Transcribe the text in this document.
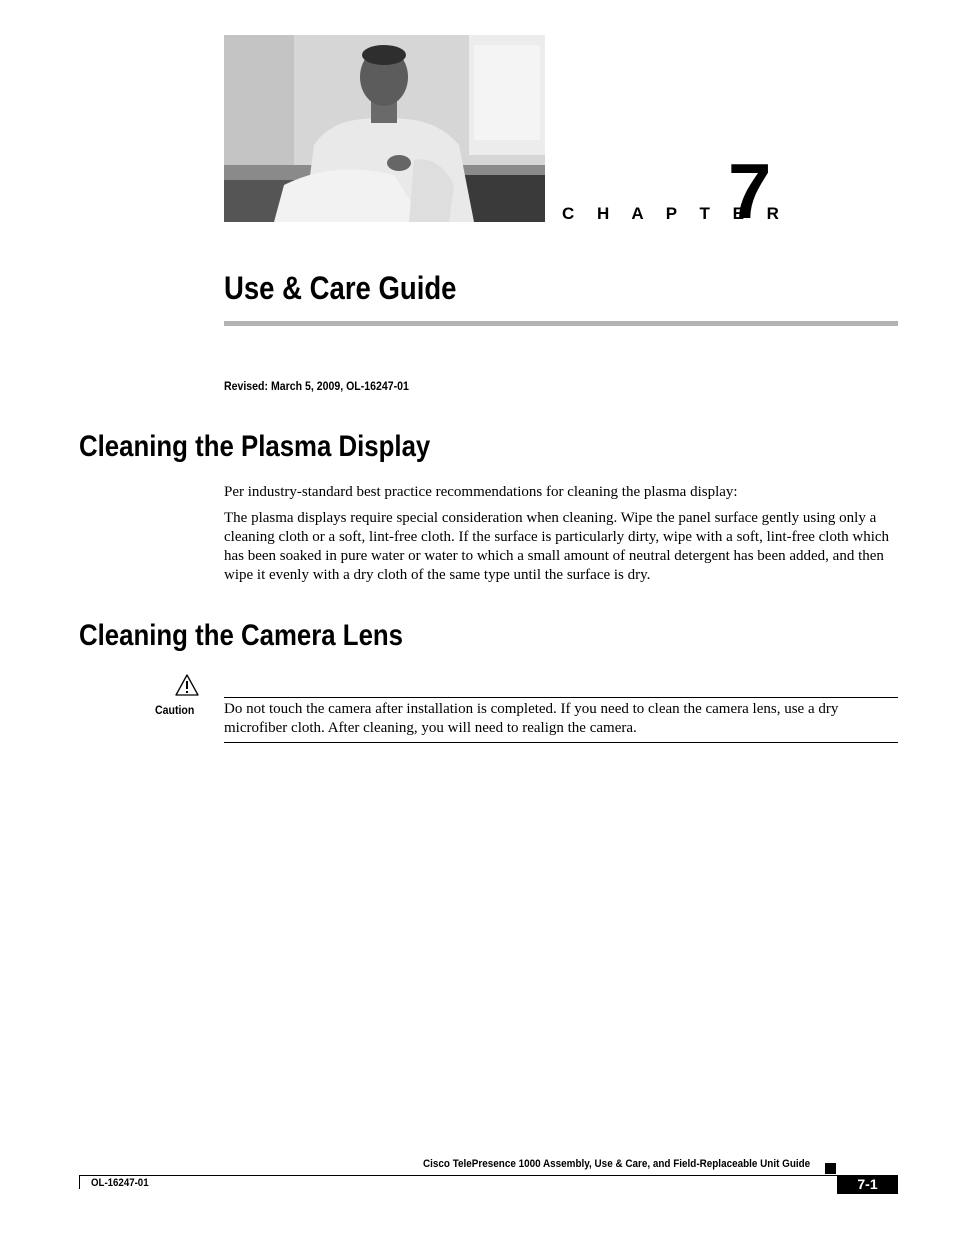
C H A P T E R
7
Use & Care Guide
Revised: March 5, 2009, OL-16247-01
Cleaning the Plasma Display
Per industry-standard best practice recommendations for cleaning the plasma display:
The plasma displays require special consideration when cleaning. Wipe the panel surface gently using only a cleaning cloth or a soft, lint-free cloth. If the surface is particularly dirty, wipe with a soft, lint-free cloth which has been soaked in pure water or water to which a small amount of neutral detergent has been added, and then wipe it evenly with a dry cloth of the same type until the surface is dry.
Cleaning the Camera Lens
Caution Do not touch the camera after installation is completed. If you need to clean the camera lens, use a dry microfiber cloth. After cleaning, you will need to realign the camera.
Cisco TelePresence 1000 Assembly, Use & Care, and Field-Replaceable Unit Guide
OL-16247-01	7-1
